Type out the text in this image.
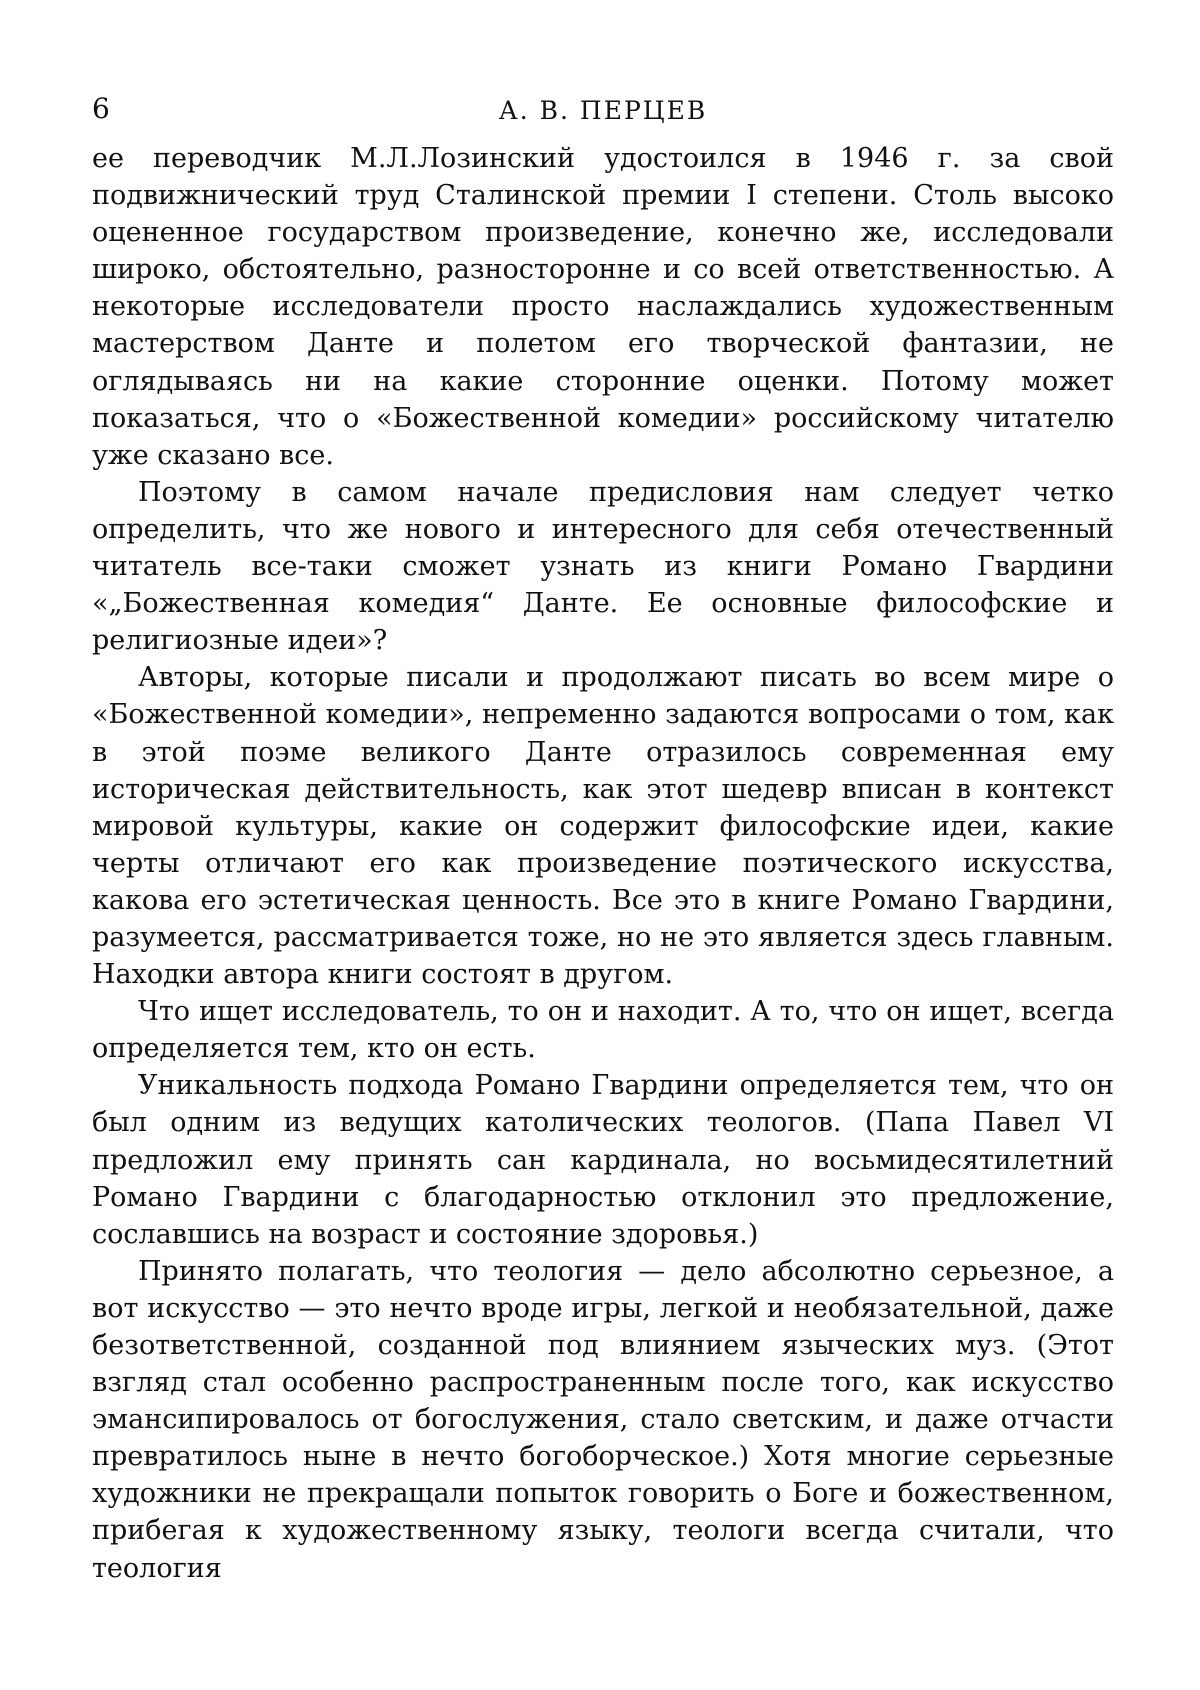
6	А. В. ПЕРЦЕВ

ее переводчик М.Л.Лозинский удостоился в 1946 г. за свой подвижнический труд Сталинской премии I степени. Столь высоко оцененное государством произведение, конечно же, исследовали широко, обстоятельно, разносторонне и со всей ответственностью. А некоторые исследователи просто наслаждались художественным мастерством Данте и полетом его творческой фантазии, не оглядываясь ни на какие сторонние оценки. Потому может показаться, что о «Божественной комедии» российскому читателю уже сказано все.

Поэтому в самом начале предисловия нам следует четко определить, что же нового и интересного для себя отечественный читатель все-таки сможет узнать из книги Романо Гвардини «„Божественная комедия“ Данте. Ее основные философские и религиозные идеи»?

Авторы, которые писали и продолжают писать во всем мире о «Божественной комедии», непременно задаются вопросами о том, как в этой поэме великого Данте отразилось современная ему историческая действительность, как этот шедевр вписан в контекст мировой культуры, какие он содержит философские идеи, какие черты отличают его как произведение поэтического искусства, какова его эстетическая ценность. Все это в книге Романо Гвардини, разумеется, рассматривается тоже, но не это является здесь главным. Находки автора книги состоят в другом.

Что ищет исследователь, то он и находит. А то, что он ищет, всегда определяется тем, кто он есть.

Уникальность подхода Романо Гвардини определяется тем, что он был одним из ведущих католических теологов. (Папа Павел VI предложил ему принять сан кардинала, но восьмидесятилетний Романо Гвардини с благодарностью отклонил это предложение, сославшись на возраст и состояние здоровья.)

Принято полагать, что теология — дело абсолютно серьезное, а вот искусство — это нечто вроде игры, легкой и необязательной, даже безответственной, созданной под влиянием языческих муз. (Этот взгляд стал особенно распространенным после того, как искусство эмансипировалось от богослужения, стало светским, и даже отчасти превратилось ныне в нечто богоборческое.) Хотя многие серьезные художники не прекращали попыток говорить о Боге и божественном, прибегая к художественному языку, теологи всегда считали, что теология
